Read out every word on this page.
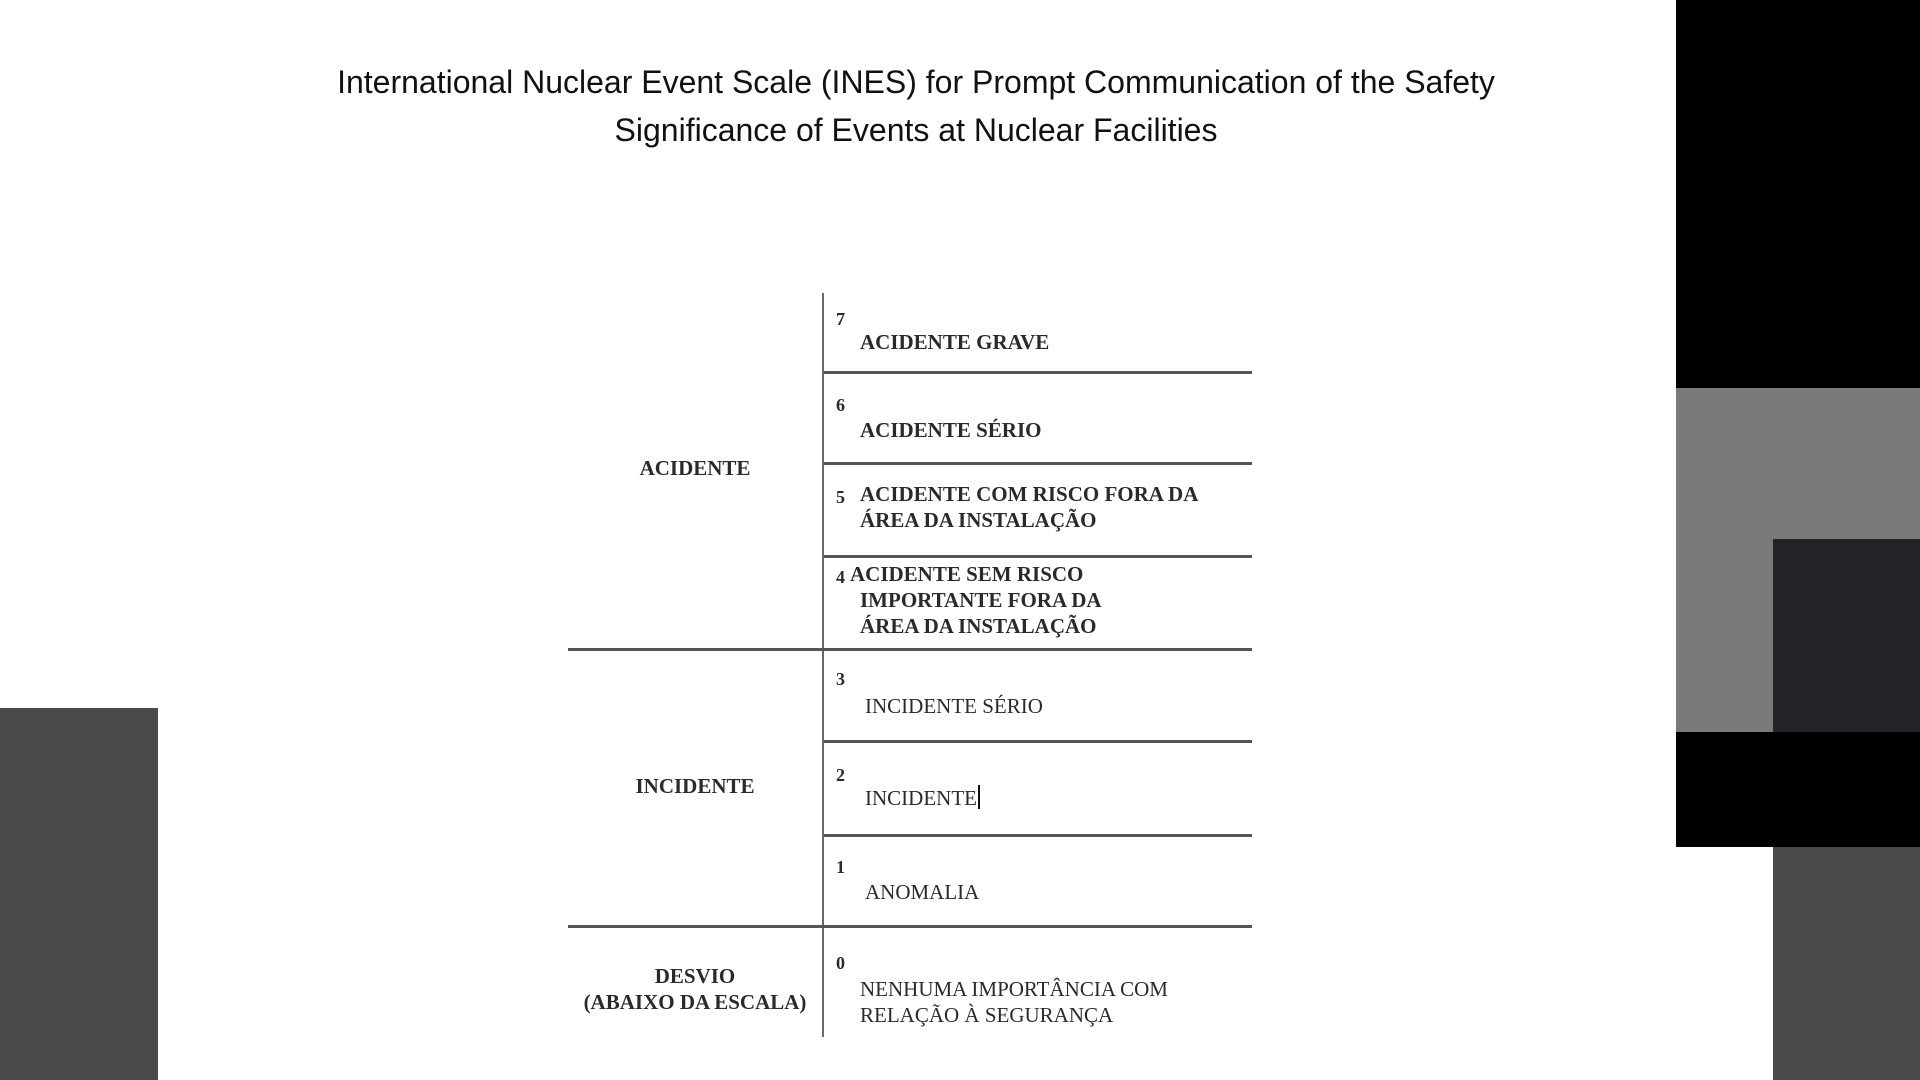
International Nuclear Event Scale (INES) for Prompt Communication of the Safety
Significance of Events at Nuclear Facilities
ACIDENTE
INCIDENTE
DESVIO
(ABAIXO DA ESCALA)
7
ACIDENTE GRAVE
6
ACIDENTE SÉRIO
5 ACIDENTE COM RISCO FORA DA
ÁREA DA INSTALAÇÃO
4 ACIDENTE SEM RISCO
IMPORTANTE FORA DA
ÁREA DA INSTALAÇÃO
3
INCIDENTE SÉRIO
2
INCIDENTE
1
ANOMALIA
0
NENHUMA IMPORTÂNCIA COM
RELAÇÃO À SEGURANÇA
